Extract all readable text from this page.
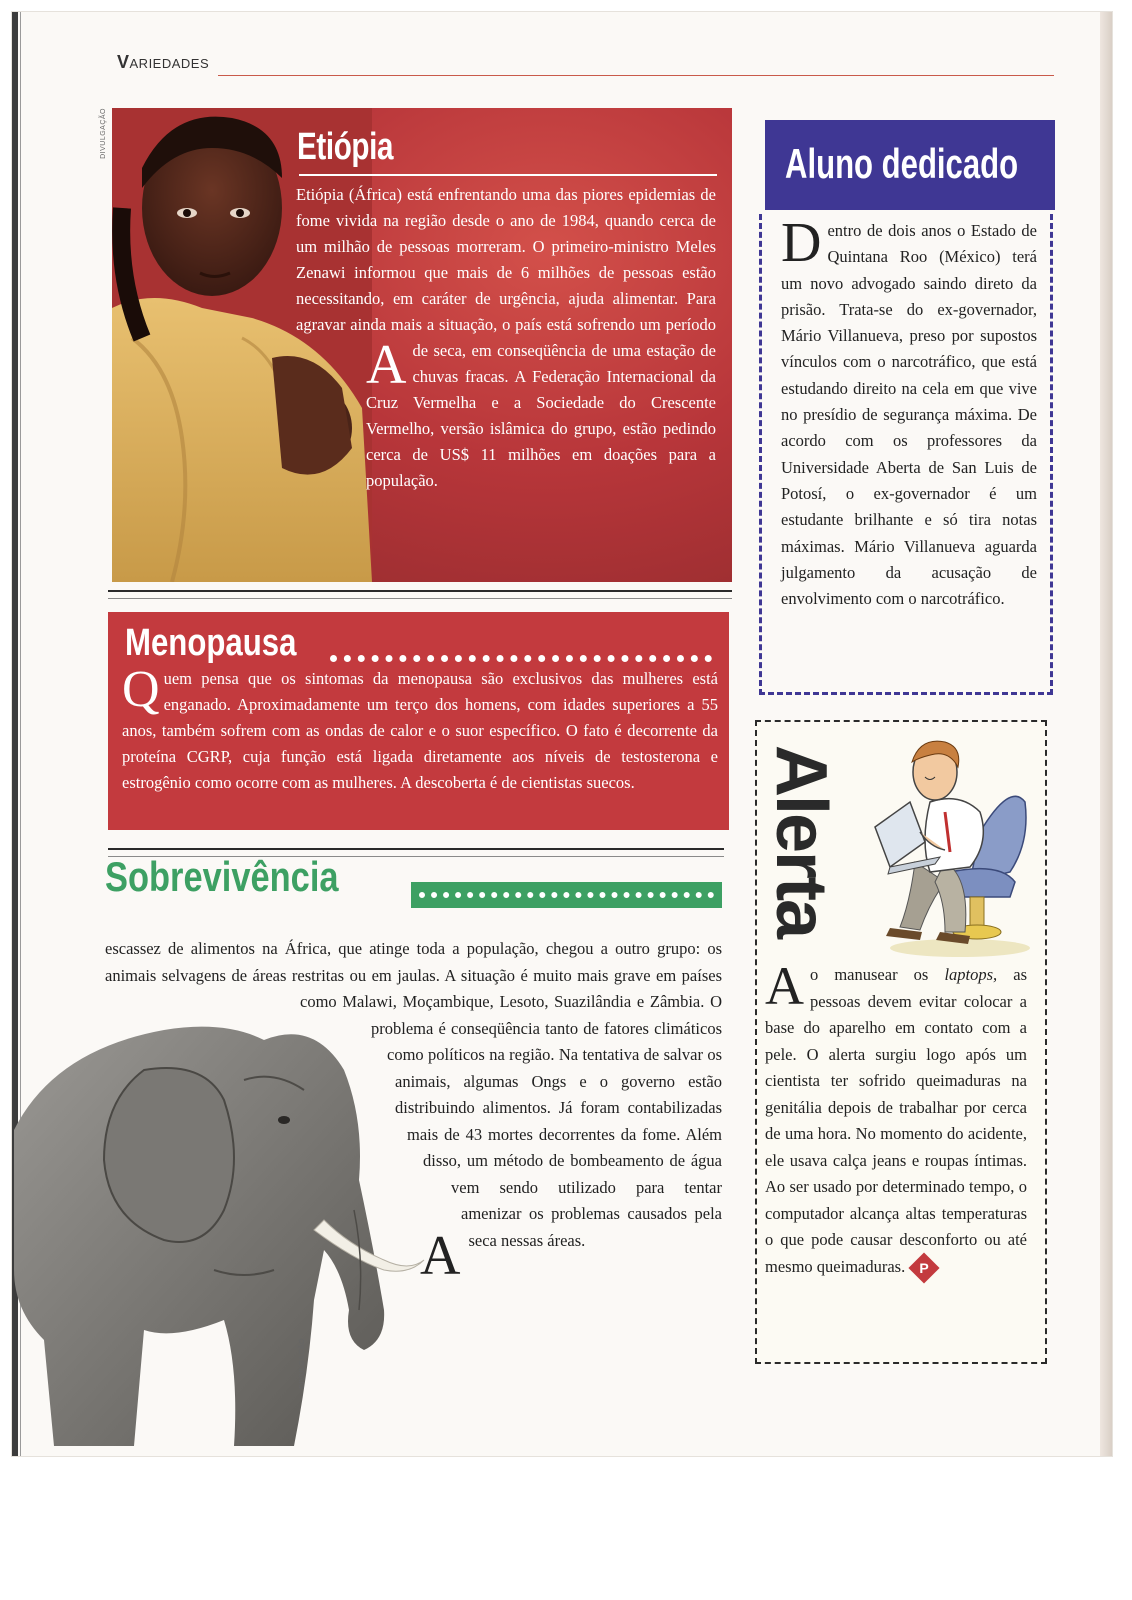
VARIEDADES
DIVULGAÇÃO	Etiópia
A
Etiópia (África) está enfrentando uma das piores epidemias de fome vivida na região desde o ano de 1984, quando cerca de um milhão de pessoas morreram. O primeiro-ministro Meles Zenawi informou que mais de 6 milhões de pessoas estão necessitando, em caráter de urgência, ajuda alimentar. Para agravar ainda mais a situação, o país está sofrendo um período de seca, em conseqüência de uma estação de chuvas fracas. A Federação Internacional da Cruz Vermelha e a Sociedade do Crescente Vermelho, versão islâmica do grupo, estão pedindo cerca de US$ 11 milhões em doações para a população.
Menopausa
Quem pensa que os sintomas da menopausa são exclusivos das mulheres está enganado. Aproximadamente um terço dos homens, com idades superiores a 55 anos, também sofrem com as ondas de calor e o suor específico. O fato é decorrente da proteína CGRP, cuja função está ligada diretamente aos níveis de testosterona e estrogênio como ocorre com as mulheres. A descoberta é de cientistas suecos.
Sobrevivência
DIVULGAÇÃO
A
escassez de alimentos na África, que atinge toda a população, chegou a outro grupo: os animais selvagens de áreas restritas ou em jaulas. A situação é muito mais grave em países como Malawi, Moçambique, Lesoto, Suazilândia e Zâmbia. O problema é conseqüência tanto de fatores climáticos como políticos na região. Na tentativa de salvar os animais, algumas Ongs e o governo estão distribuindo alimentos. Já foram contabilizadas mais de 43 mortes decorrentes da fome. Além disso, um método de bombeamento de água vem sendo utilizado para tentar amenizar os problemas causados pela seca nessas áreas.
Aluno dedicado
Dentro de dois anos o Estado de Quintana Roo (México) terá um novo advogado saindo direto da prisão. Trata-se do ex-governador, Mário Villanueva, preso por supostos vínculos com o narcotráfico, que está estudando direito na cela em que vive no presídio de segurança máxima. De acordo com os professores da Universidade Aberta de San Luis de Potosí, o ex-governador é um estudante brilhante e só tira notas máximas. Mário Villanueva aguarda julgamento da acusação de envolvimento com o narcotráfico.
Alerta
Ao manusear os laptops, as pessoas devem evitar colocar a base do aparelho em contato com a pele. O alerta surgiu logo após um cientista ter sofrido queimaduras na genitália depois de trabalhar por cerca de uma hora. No momento do acidente, ele usava calça jeans e roupas íntimas. Ao ser usado por determinado tempo, o computador alcança altas temperaturas o que pode causar desconforto ou até mesmo queimaduras.	P
